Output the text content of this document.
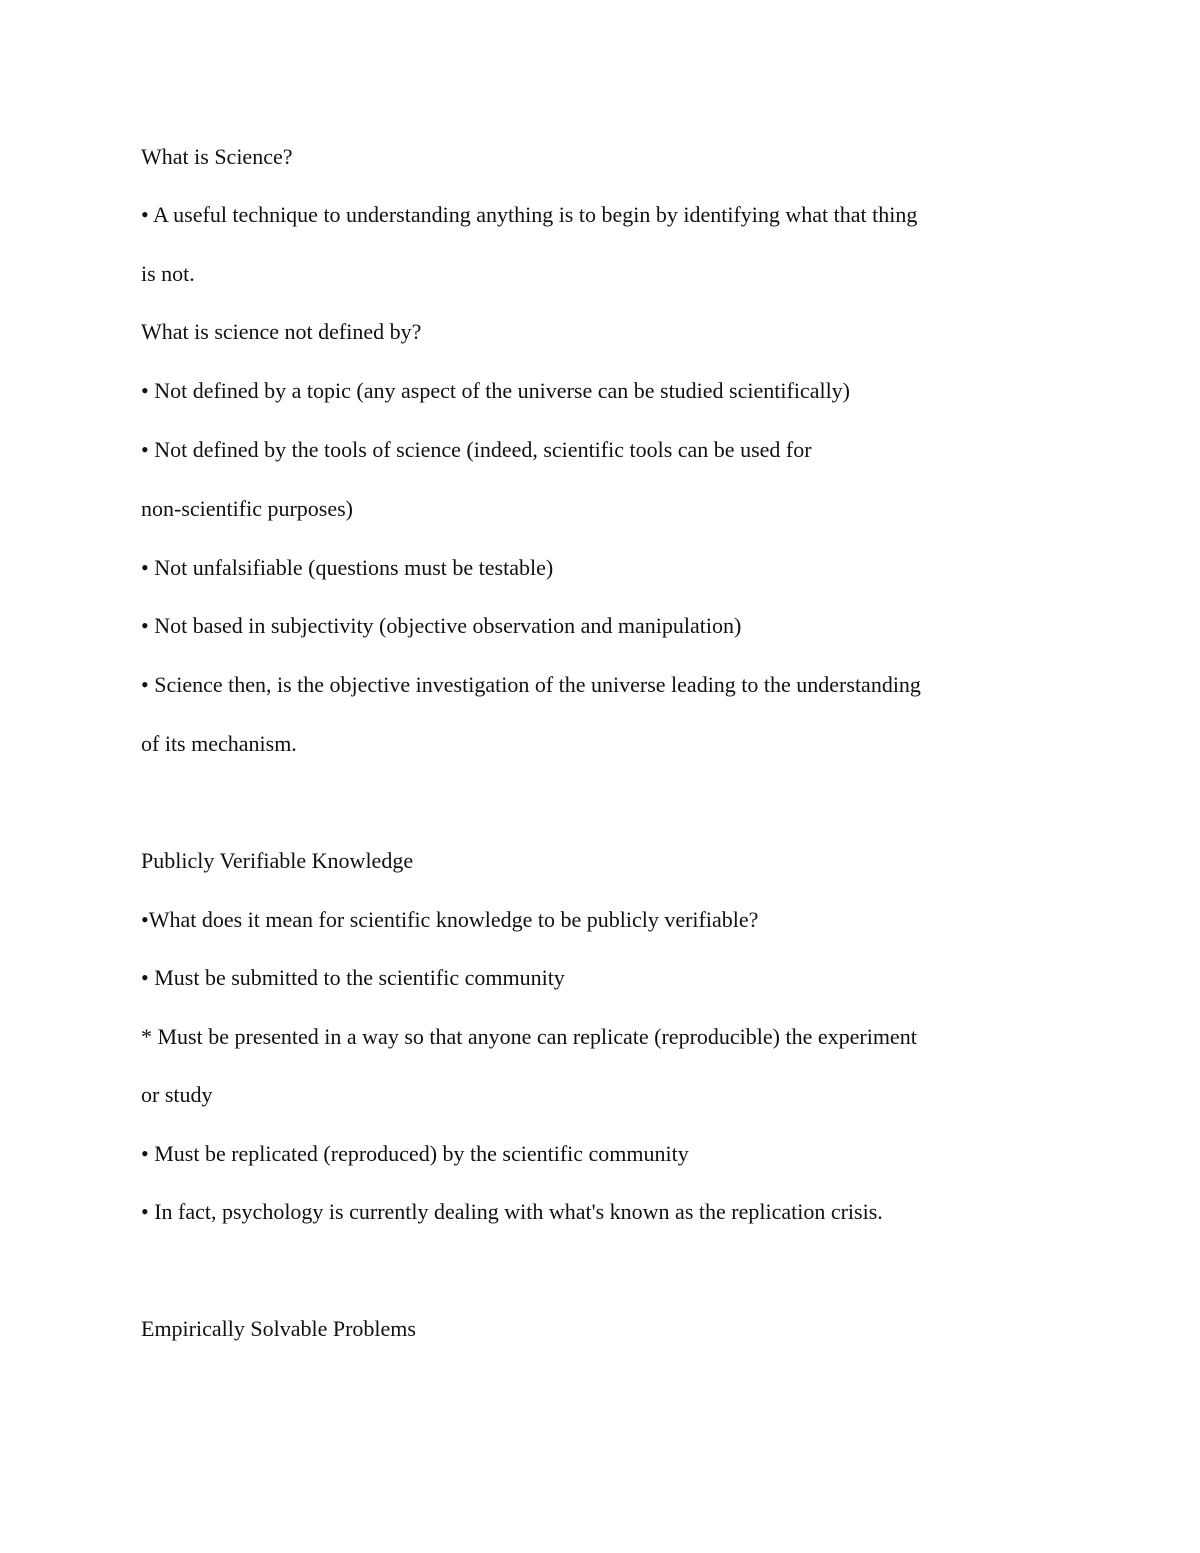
What is Science?

• A useful technique to understanding anything is to begin by identifying what that thing

is not.

What is science not defined by?

• Not defined by a topic (any aspect of the universe can be studied scientifically)

• Not defined by the tools of science (indeed, scientific tools can be used for

non-scientific purposes)

• Not unfalsifiable (questions must be testable)

• Not based in subjectivity (objective observation and manipulation)

• Science then, is the objective investigation of the universe leading to the understanding

of its mechanism.

Publicly Verifiable Knowledge

•What does it mean for scientific knowledge to be publicly verifiable?

• Must be submitted to the scientific community

* Must be presented in a way so that anyone can replicate (reproducible) the experiment

or study

• Must be replicated (reproduced) by the scientific community

• In fact, psychology is currently dealing with what's known as the replication crisis.

Empirically Solvable Problems
